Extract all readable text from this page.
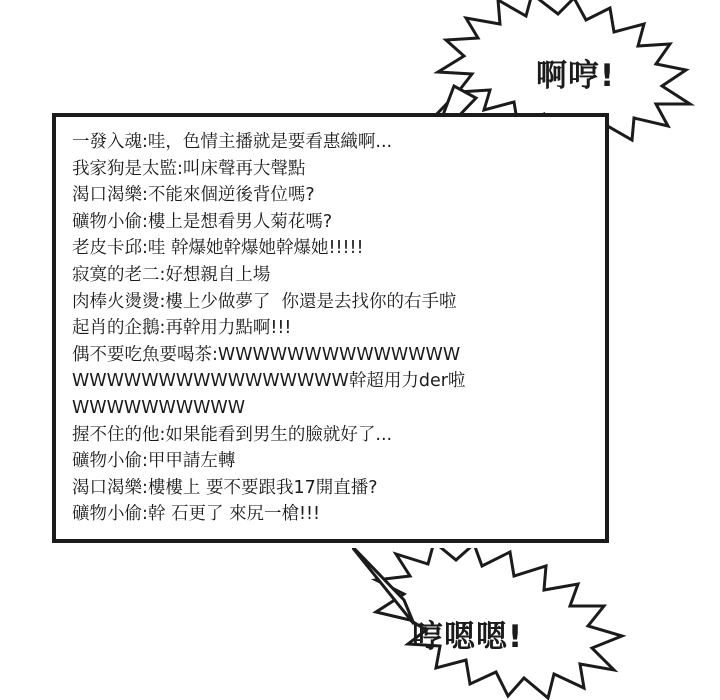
啊哼!
一發入魂:哇，色情主播就是要看惠織啊...
我家狗是太監:叫床聲再大聲點
渴口渴樂:不能來個逆後背位嗎?
礦物小偷:樓上是想看男人菊花嗎?
老皮卡邱:哇 幹爆她幹爆她幹爆她!!!!!
寂寞的老二:好想親自上場
肉棒火燙燙:樓上少做夢了  你還是去找你的右手啦
起肖的企鵝:再幹用力點啊!!!
偶不要吃魚要喝茶:WWWWWWWWWWWWWW
WWWWWWWWWWWWWWWW幹超用力der啦
WWWWWWWWWW
握不住的他:如果能看到男生的臉就好了...
礦物小偷:甲甲請左轉
渴口渴樂:樓樓上 要不要跟我17開直播?
礦物小偷:幹 石更了 來尻一槍!!!
哼嗯嗯!
